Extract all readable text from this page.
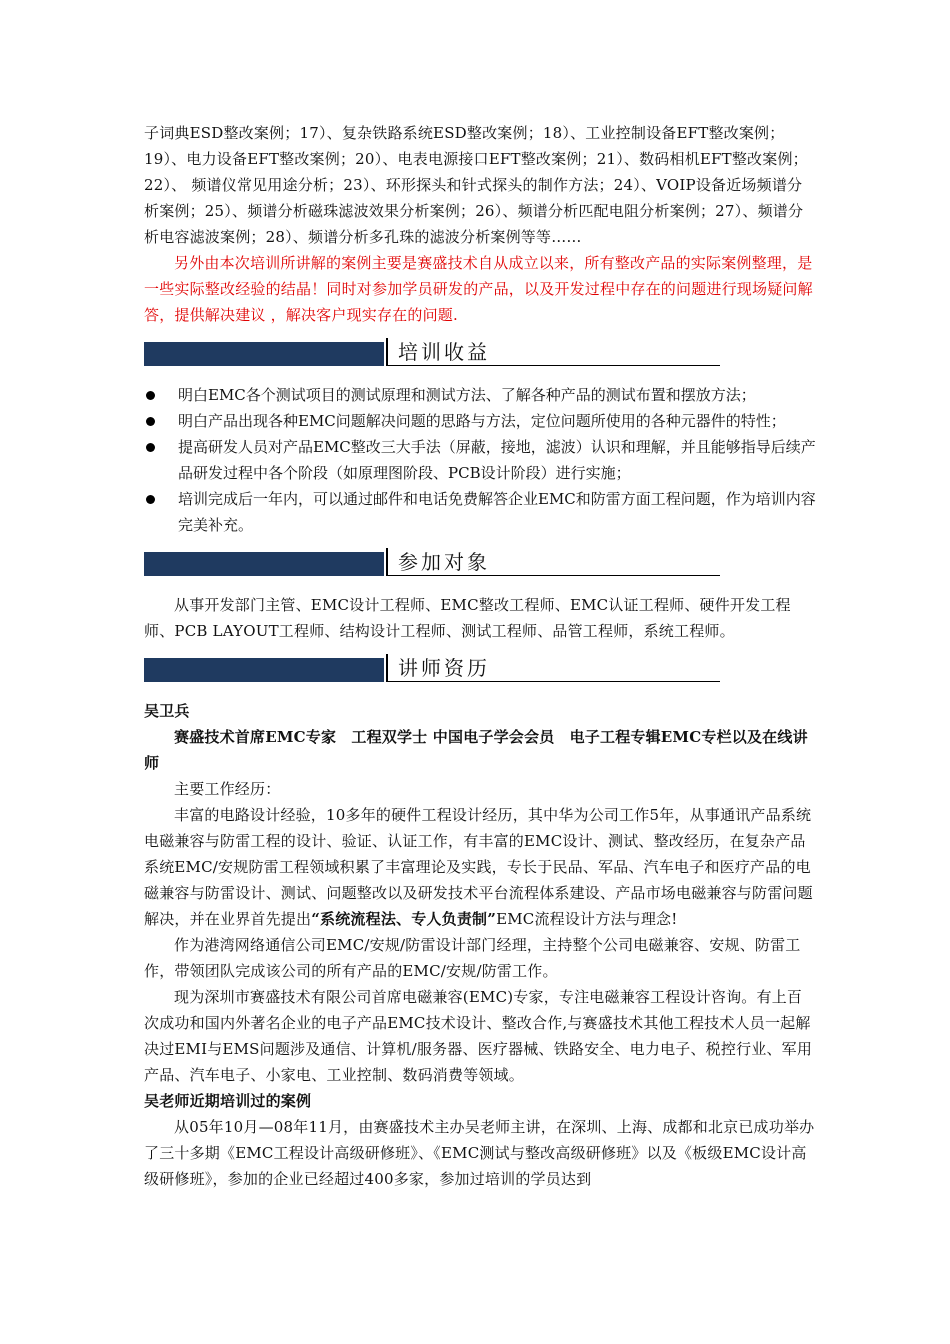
子词典ESD整改案例；17）、复杂铁路系统ESD整改案例；18）、工业控制设备EFT整改案例；19）、电力设备EFT整改案例；20）、电表电源接口EFT整改案例；21）、数码相机EFT整改案例；22）、 频谱仪常见用途分析；23）、环形探头和针式探头的制作方法；24）、VOIP设备近场频谱分析案例；25）、频谱分析磁珠滤波效果分析案例；26）、频谱分析匹配电阻分析案例；27）、频谱分析电容滤波案例；28）、频谱分析多孔珠的滤波分析案例等等……

另外由本次培训所讲解的案例主要是赛盛技术自从成立以来，所有整改产品的实际案例整理，是一些实际整改经验的结晶！同时对参加学员研发的产品，以及开发过程中存在的问题进行现场疑问解答，提供解决建议 ，解决客户现实存在的问题.

培训收益
明白EMC各个测试项目的测试原理和测试方法、了解各种产品的测试布置和摆放方法；
明白产品出现各种EMC问题解决问题的思路与方法，定位问题所使用的各种元器件的特性；
提高研发人员对产品EMC整改三大手法（屏蔽，接地，滤波）认识和理解，并且能够指导后续产品研发过程中各个阶段（如原理图阶段、PCB设计阶段）进行实施；
培训完成后一年内，可以通过邮件和电话免费解答企业EMC和防雷方面工程问题，作为培训内容完美补充。
参加对象

从事开发部门主管、EMC设计工程师、EMC整改工程师、EMC认证工程师、硬件开发工程师、PCB LAYOUT工程师、结构设计工程师、测试工程师、品管工程师，系统工程师。

讲师资历

吴卫兵

赛盛技术首席EMC专家　工程双学士 中国电子学会会员　电子工程专辑EMC专栏以及在线讲师

主要工作经历：

丰富的电路设计经验，10多年的硬件工程设计经历，其中华为公司工作5年，从事通讯产品系统电磁兼容与防雷工程的设计、验证、认证工作，有丰富的EMC设计、测试、整改经历，在复杂产品系统EMC/安规防雷工程领域积累了丰富理论及实践，专长于民品、军品、汽车电子和医疗产品的电磁兼容与防雷设计、测试、问题整改以及研发技术平台流程体系建设、产品市场电磁兼容与防雷问题解决，并在业界首先提出“系统流程法、专人负责制”EMC流程设计方法与理念!

作为港湾网络通信公司EMC/安规/防雷设计部门经理，主持整个公司电磁兼容、安规、防雷工作，带领团队完成该公司的所有产品的EMC/安规/防雷工作。

现为深圳市赛盛技术有限公司首席电磁兼容(EMC)专家，专注电磁兼容工程设计咨询。有上百次成功和国内外著名企业的电子产品EMC技术设计、整改合作,与赛盛技术其他工程技术人员一起解决过EMI与EMS问题涉及通信、计算机/服务器、医疗器械、铁路安全、电力电子、税控行业、军用产品、汽车电子、小家电、工业控制、数码消费等领域。

吴老师近期培训过的案例

从05年10月—08年11月，由赛盛技术主办吴老师主讲，在深圳、上海、成都和北京已成功举办了三十多期《EMC工程设计高级研修班》、《EMC测试与整改高级研修班》以及《板级EMC设计高级研修班》，参加的企业已经超过400多家，参加过培训的学员达到
